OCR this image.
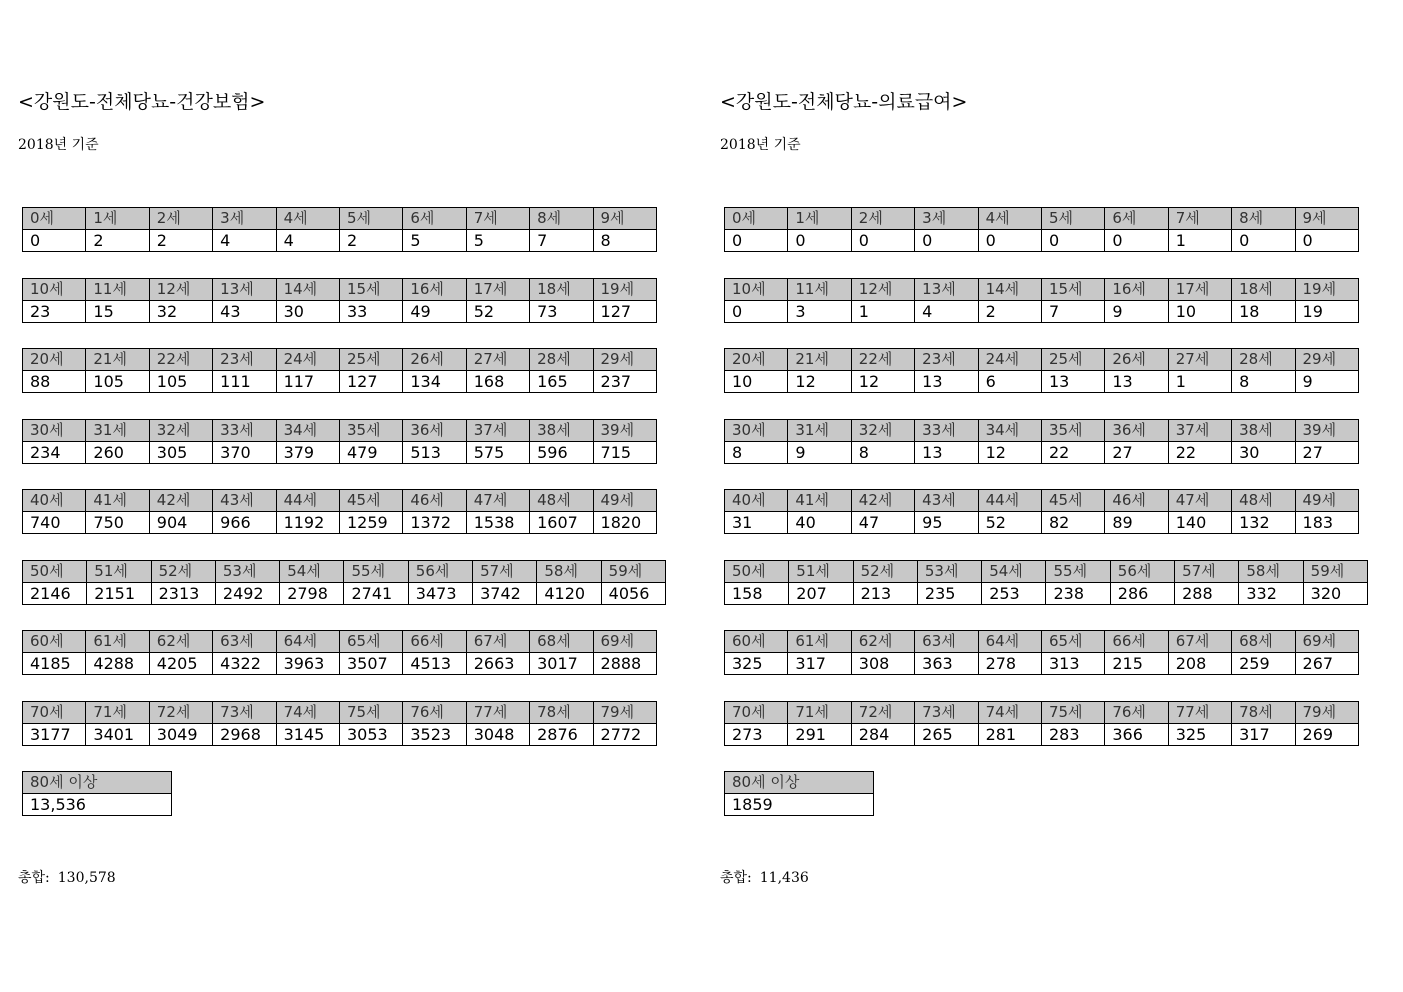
<강원도-전체당뇨-건강보험>
2018년 기준
0세	1세	2세	3세	4세	5세	6세	7세	8세	9세
0	2	2	4	4	2	5	5	7	8
10세	11세	12세	13세	14세	15세	16세	17세	18세	19세
23	15	32	43	30	33	49	52	73	127
20세	21세	22세	23세	24세	25세	26세	27세	28세	29세
88	105	105	111	117	127	134	168	165	237
30세	31세	32세	33세	34세	35세	36세	37세	38세	39세
234	260	305	370	379	479	513	575	596	715
40세	41세	42세	43세	44세	45세	46세	47세	48세	49세
740	750	904	966	1192	1259	1372	1538	1607	1820
50세	51세	52세	53세	54세	55세	56세	57세	58세	59세
2146	2151	2313	2492	2798	2741	3473	3742	4120	4056
60세	61세	62세	63세	64세	65세	66세	67세	68세	69세
4185	4288	4205	4322	3963	3507	4513	2663	3017	2888
70세	71세	72세	73세	74세	75세	76세	77세	78세	79세
3177	3401	3049	2968	3145	3053	3523	3048	2876	2772
80세 이상
13,536
총합: 130,578
<강원도-전체당뇨-의료급여>
2018년 기준
0세	1세	2세	3세	4세	5세	6세	7세	8세	9세
0	0	0	0	0	0	0	1	0	0
10세	11세	12세	13세	14세	15세	16세	17세	18세	19세
0	3	1	4	2	7	9	10	18	19
20세	21세	22세	23세	24세	25세	26세	27세	28세	29세
10	12	12	13	6	13	13	1	8	9
30세	31세	32세	33세	34세	35세	36세	37세	38세	39세
8	9	8	13	12	22	27	22	30	27
40세	41세	42세	43세	44세	45세	46세	47세	48세	49세
31	40	47	95	52	82	89	140	132	183
50세	51세	52세	53세	54세	55세	56세	57세	58세	59세
158	207	213	235	253	238	286	288	332	320
60세	61세	62세	63세	64세	65세	66세	67세	68세	69세
325	317	308	363	278	313	215	208	259	267
70세	71세	72세	73세	74세	75세	76세	77세	78세	79세
273	291	284	265	281	283	366	325	317	269
80세 이상
1859
총합: 11,436
